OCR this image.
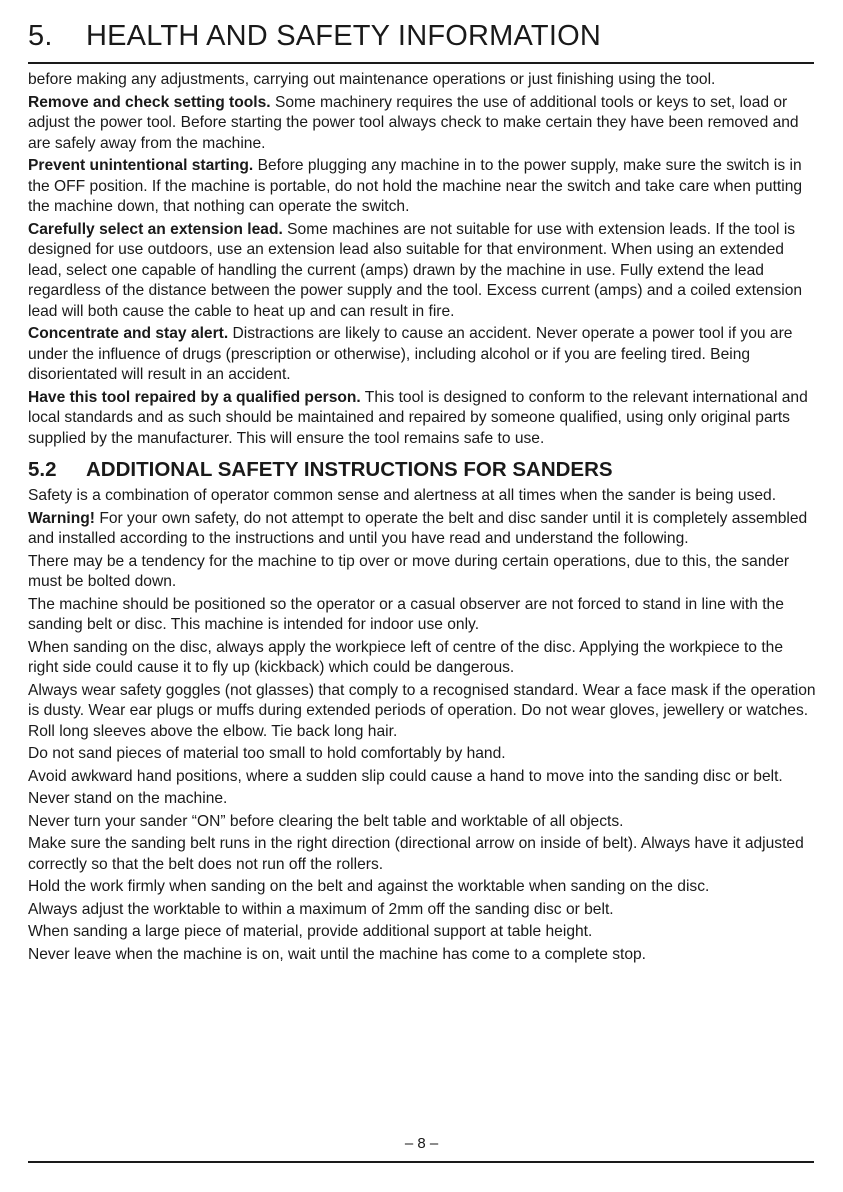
5. HEALTH AND SAFETY INFORMATION

before making any adjustments, carrying out maintenance operations or just finishing using the tool.

Remove and check setting tools. Some machinery requires the use of additional tools or keys to set, load or adjust the power tool. Before starting the power tool always check to make certain they have been removed and are safely away from the machine.

Prevent unintentional starting. Before plugging any machine in to the power supply, make sure the switch is in the OFF position. If the machine is portable, do not hold the machine near the switch and take care when putting the machine down, that nothing can operate the switch.

Carefully select an extension lead. Some machines are not suitable for use with extension leads. If the tool is designed for use outdoors, use an extension lead also suitable for that environment. When using an extended lead, select one capable of handling the current (amps) drawn by the machine in use. Fully extend the lead regardless of the distance between the power supply and the tool. Excess current (amps) and a coiled extension lead will both cause the cable to heat up and can result in fire.

Concentrate and stay alert. Distractions are likely to cause an accident. Never operate a power tool if you are under the influence of drugs (prescription or otherwise), including alcohol or if you are feeling tired. Being disorientated will result in an accident.

Have this tool repaired by a qualified person. This tool is designed to conform to the relevant international and local standards and as such should be maintained and repaired by someone qualified, using only original parts supplied by the manufacturer. This will ensure the tool remains safe to use.

5.2 ADDITIONAL SAFETY INSTRUCTIONS FOR SANDERS

Safety is a combination of operator common sense and alertness at all times when the sander is being used.

Warning! For your own safety, do not attempt to operate the belt and disc sander until it is completely assembled and installed according to the instructions and until you have read and understand the following.

There may be a tendency for the machine to tip over or move during certain operations, due to this, the sander must be bolted down.

The machine should be positioned so the operator or a casual observer are not forced to stand in line with the sanding belt or disc. This machine is intended for indoor use only.

When sanding on the disc, always apply the workpiece left of centre of the disc. Applying the workpiece to the right side could cause it to fly up (kickback) which could be dangerous.

Always wear safety goggles (not glasses) that comply to a recognised standard. Wear a face mask if the operation is dusty. Wear ear plugs or muffs during extended periods of operation. Do not wear gloves, jewellery or watches. Roll long sleeves above the elbow. Tie back long hair.

Do not sand pieces of material too small to hold comfortably by hand.

Avoid awkward hand positions, where a sudden slip could cause a hand to move into the sanding disc or belt.

Never stand on the machine.

Never turn your sander “ON” before clearing the belt table and worktable of all objects.

Make sure the sanding belt runs in the right direction (directional arrow on inside of belt). Always have it adjusted correctly so that the belt does not run off the rollers.

Hold the work firmly when sanding on the belt and against the worktable when sanding on the disc.

Always adjust the worktable to within a maximum of 2mm off the sanding disc or belt.

When sanding a large piece of material, provide additional support at table height.

Never leave when the machine is on, wait until the machine has come to a complete stop.

– 8 –
